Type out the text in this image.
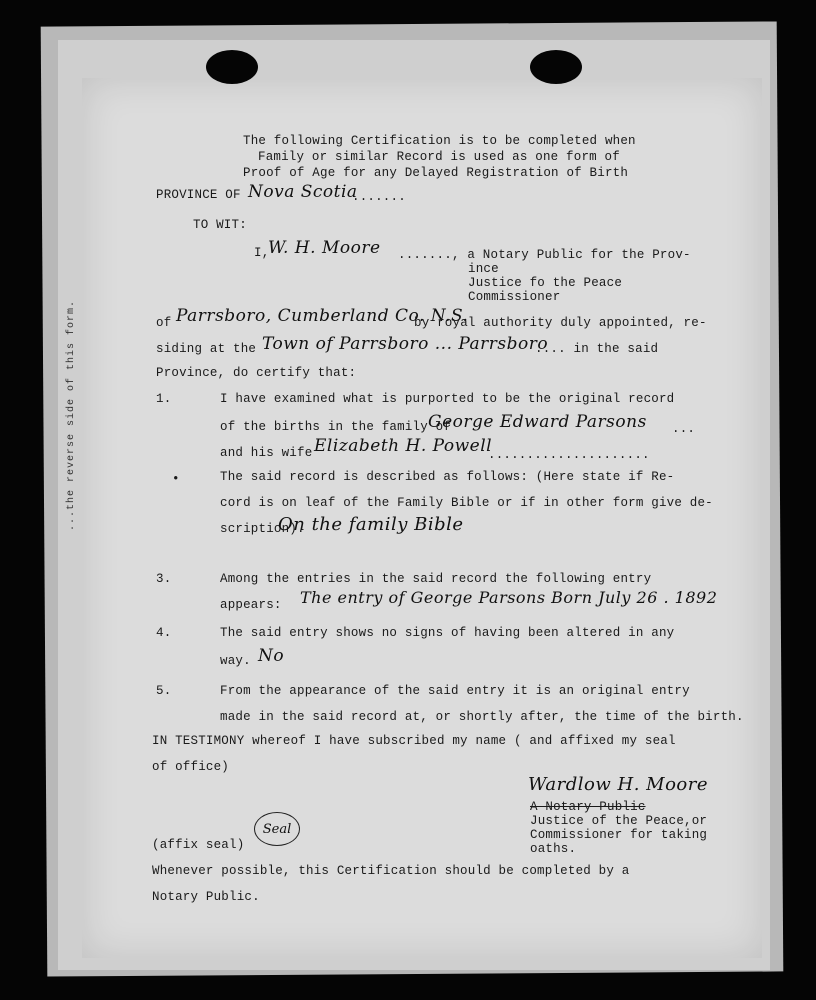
...the reverse side of this form.
The following Certification is to be completed when
Family or similar Record is used as one form of
Proof of Age for any Delayed Registration of Birth
PROVINCE OF Nova Scotia
.......
TO WIT:
I,
W. H. Moore ....... , a Notary Public for the Prov-
ince
Justice fo the Peace
Commissioner
of Parrsboro, Cumberland Co. N.S.
by royal authority duly appointed, re-
siding at the Town of Parrsboro ... Parrsboro
.... in the said
Province, do certify that:
1.	I have examined what is purported to be the original record
of the births in the family of
George Edward Parsons ...
and his wife Elizabeth H. Powell
.....................
•	The said record is described as follows: (Here state if Re-
cord is on leaf of the Family Bible or if in other form give de-
scription).
On the family Bible
3.	Among the entries in the said record the following entry
appears: The entry of George Parsons Born July 26 . 1892
4.	The said entry shows no signs of having been altered in any
way. No
5.	From the appearance of the said entry it is an original entry
made in the said record at, or shortly after, the time of the birth.
IN TESTIMONY whereof I have subscribed my name ( and affixed my seal
of office)
Wardlow H. Moore
A Notary Public
Justice of the Peace,or
Commissioner for taking
oaths.
(affix seal)
Seal
Whenever possible, this Certification should be completed by a
Notary Public.
